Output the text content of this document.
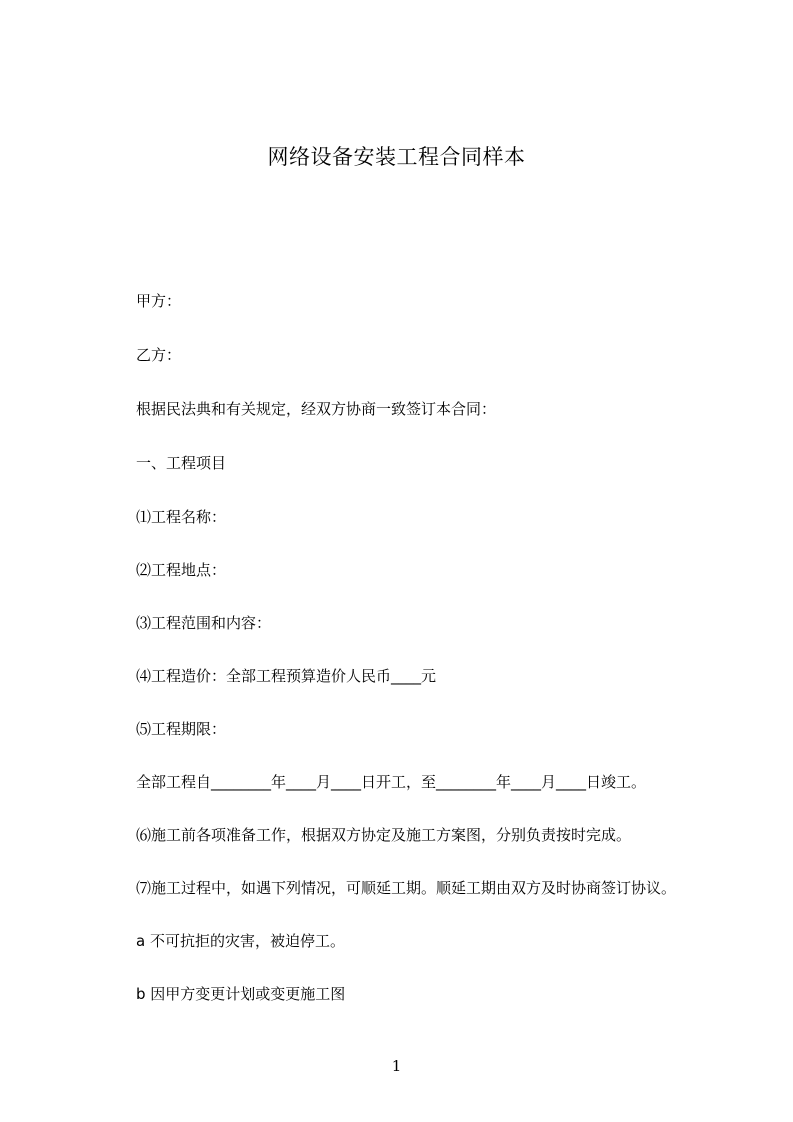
网络设备安装工程合同样本
甲方：
乙方：
根据民法典和有关规定，经双方协商一致签订本合同：
一、工程项目
⑴工程名称：
⑵工程地点：
⑶工程范围和内容：
⑷工程造价：全部工程预算造价人民币____元
⑸工程期限：
全部工程自________年____月____日开工，至________年____月____日竣工。
⑹施工前各项准备工作，根据双方协定及施工方案图，分别负责按时完成。
⑺施工过程中，如遇下列情况，可顺延工期。顺延工期由双方及时协商签订协议。
a 不可抗拒的灾害，被迫停工。
b 因甲方变更计划或变更施工图
1
